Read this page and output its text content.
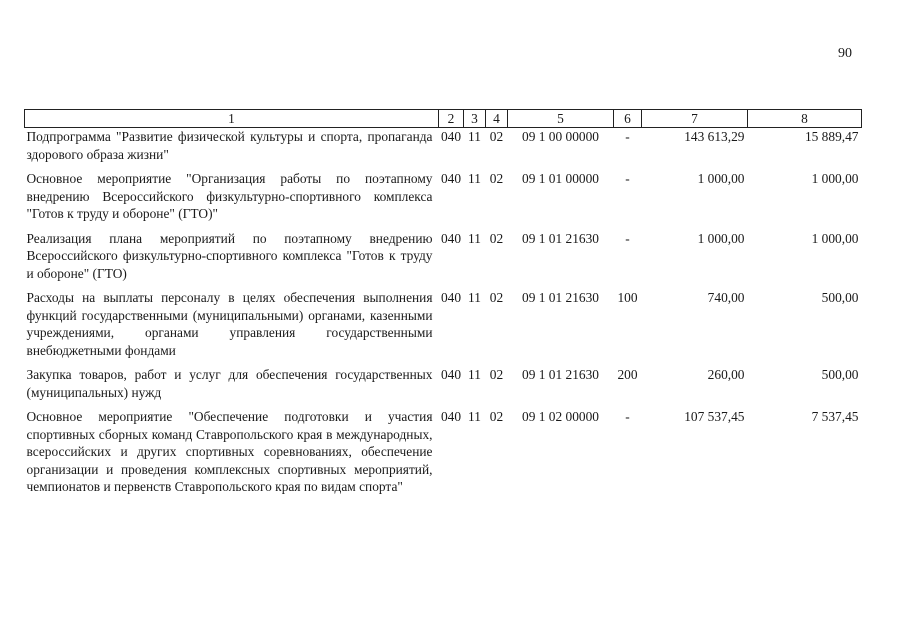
90
1	2	3	4	5	6	7	8
Подпрограмма "Развитие физической культуры и спорта, пропаганда здорового образа жизни"	040	11	02	09 1 00 00000	-	143 613,29	15 889,47
Основное мероприятие "Организация работы по поэтапному внедрению Всероссийского физкультурно-спортивного комплекса "Готов к труду и обороне" (ГТО)"	040	11	02	09 1 01 00000	-	1 000,00	1 000,00
Реализация плана мероприятий по поэтапному внедрению Всероссийского физкультурно-спортивного комплекса "Готов к труду и обороне" (ГТО)	040	11	02	09 1 01 21630	-	1 000,00	1 000,00
Расходы на выплаты персоналу в целях обеспечения выполнения функций государственными (муниципальными) органами, казенными учреждениями, органами управления государственными внебюджетными фондами	040	11	02	09 1 01 21630	100	740,00	500,00
Закупка товаров, работ и услуг для обеспечения государственных (муниципальных) нужд	040	11	02	09 1 01 21630	200	260,00	500,00
Основное мероприятие "Обеспечение подготовки и участия спортивных сборных команд Ставропольского края в международных, всероссийских и других спортивных соревнованиях, обеспечение организации и проведения комплексных спортивных мероприятий, чемпионатов и первенств Ставропольского края по видам спорта"	040	11	02	09 1 02 00000	-	107 537,45	7 537,45
